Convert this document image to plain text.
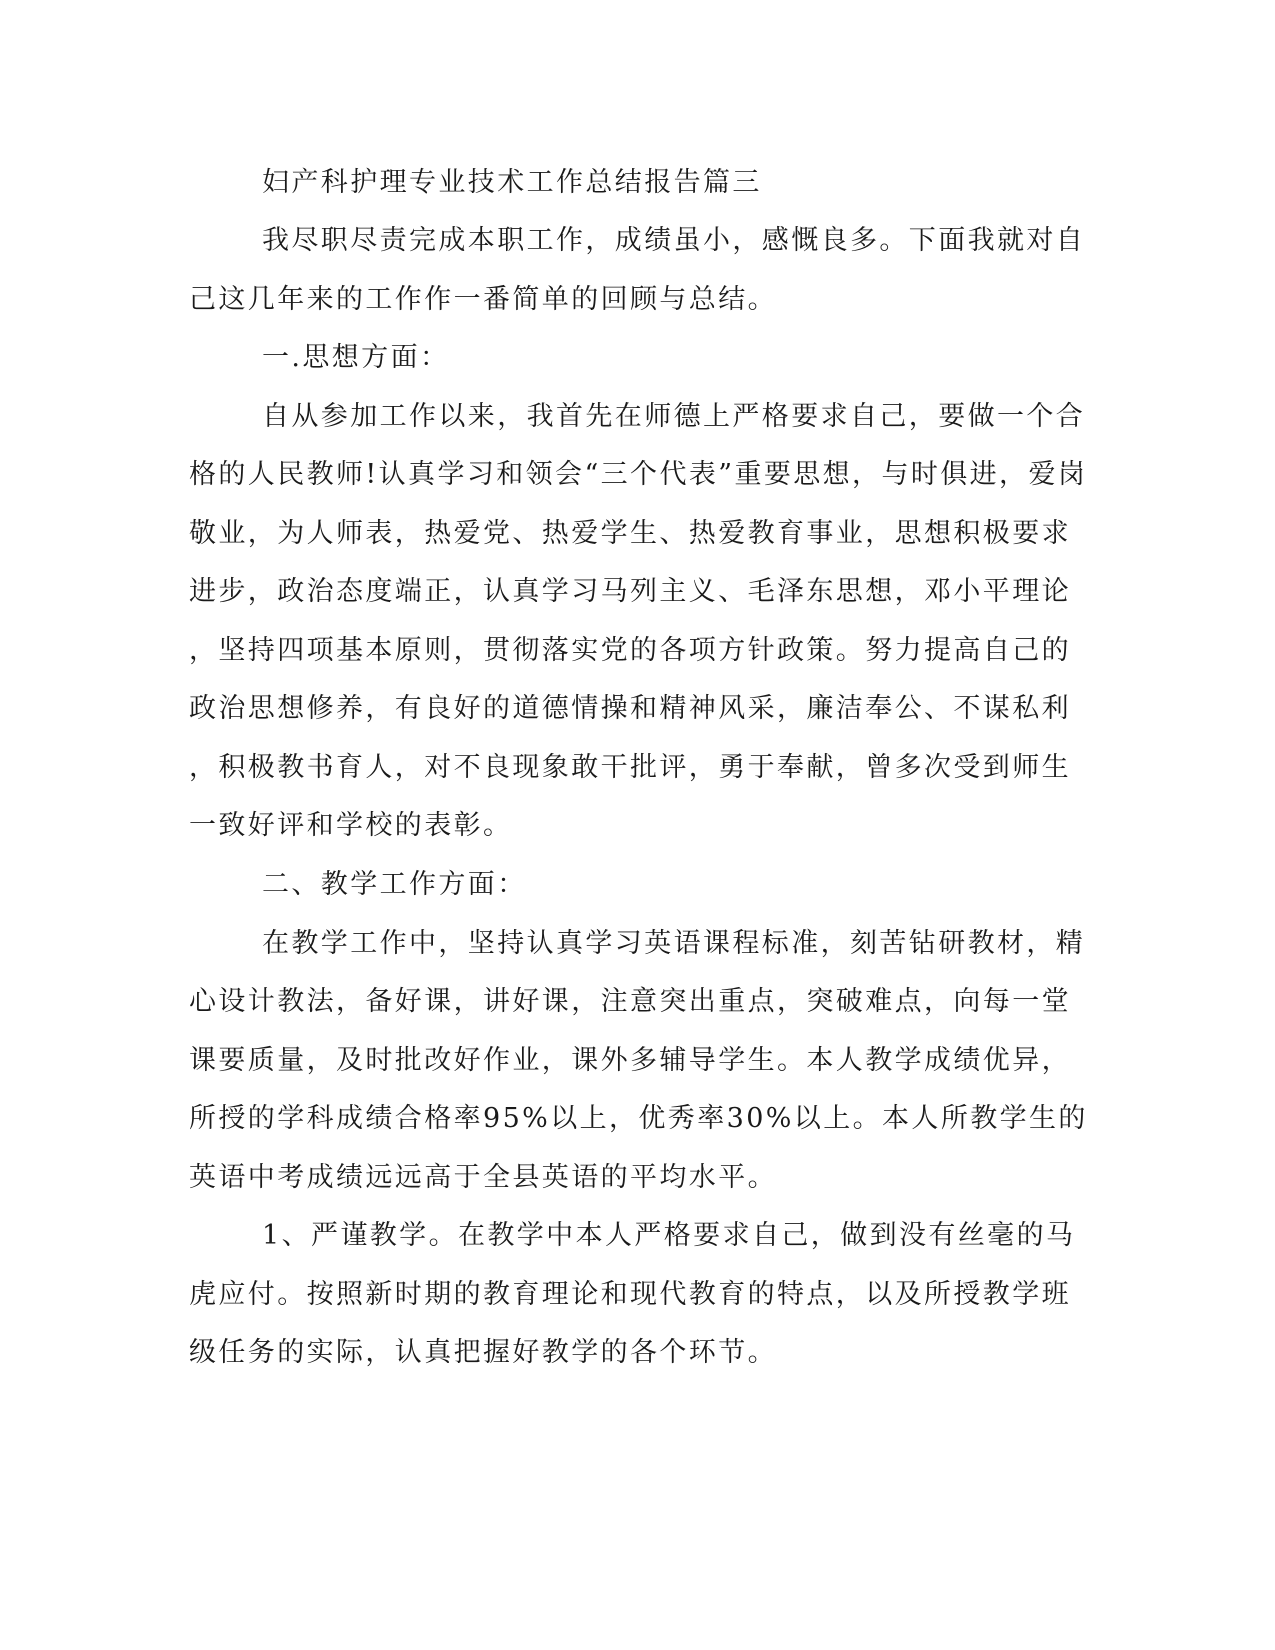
妇产科护理专业技术工作总结报告篇三

我尽职尽责完成本职工作，成绩虽小，感慨良多。下面我就对自

己这几年来的工作作一番简单的回顾与总结。

一.思想方面：

自从参加工作以来，我首先在师德上严格要求自己，要做一个合

格的人民教师!认真学习和领会“三个代表”重要思想，与时俱进，爱岗

敬业，为人师表，热爱党、热爱学生、热爱教育事业，思想积极要求

进步，政治态度端正，认真学习马列主义、毛泽东思想，邓小平理论

，坚持四项基本原则，贯彻落实党的各项方针政策。努力提高自己的

政治思想修养，有良好的道德情操和精神风采，廉洁奉公、不谋私利

，积极教书育人，对不良现象敢干批评，勇于奉献，曾多次受到师生

一致好评和学校的表彰。

二、教学工作方面：

在教学工作中，坚持认真学习英语课程标准，刻苦钻研教材，精

心设计教法，备好课，讲好课，注意突出重点，突破难点，向每一堂

课要质量，及时批改好作业，课外多辅导学生。本人教学成绩优异，

所授的学科成绩合格率95%以上，优秀率30%以上。本人所教学生的

英语中考成绩远远高于全县英语的平均水平。

1、严谨教学。在教学中本人严格要求自己，做到没有丝毫的马

虎应付。按照新时期的教育理论和现代教育的特点，以及所授教学班

级任务的实际，认真把握好教学的各个环节。
